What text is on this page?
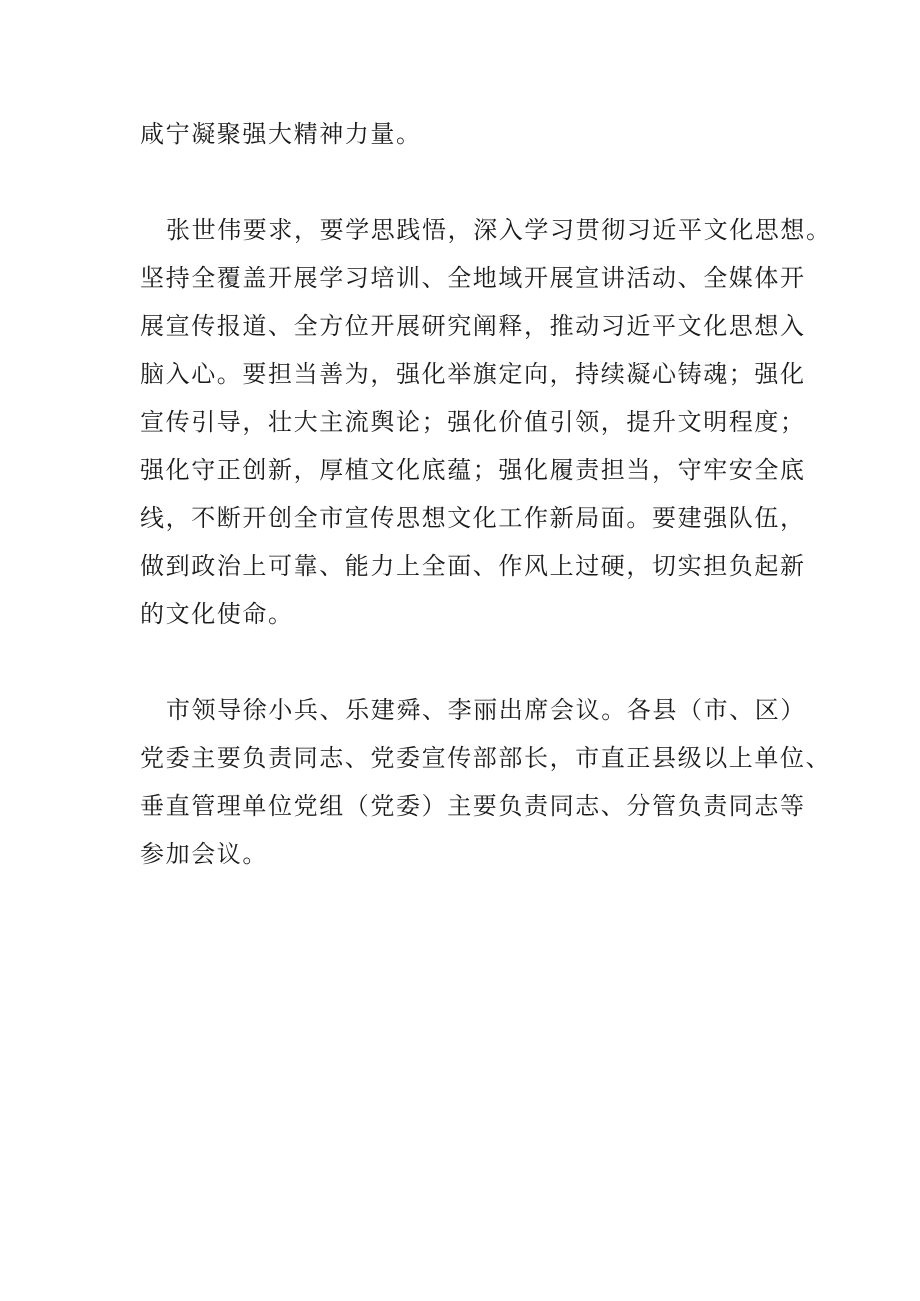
咸宁凝聚强大精神力量。
张世伟要求，要学思践悟，深入学习贯彻习近平文化思想。
坚持全覆盖开展学习培训、全地域开展宣讲活动、全媒体开
展宣传报道、全方位开展研究阐释，推动习近平文化思想入
脑入心。要担当善为，强化举旗定向，持续凝心铸魂；强化
宣传引导，壮大主流舆论；强化价值引领，提升文明程度；
强化守正创新，厚植文化底蕴；强化履责担当，守牢安全底
线，不断开创全市宣传思想文化工作新局面。要建强队伍，
做到政治上可靠、能力上全面、作风上过硬，切实担负起新
的文化使命。
市领导徐小兵、乐建舜、李丽出席会议。各县（市、区）
党委主要负责同志、党委宣传部部长，市直正县级以上单位、
垂直管理单位党组（党委）主要负责同志、分管负责同志等
参加会议。
